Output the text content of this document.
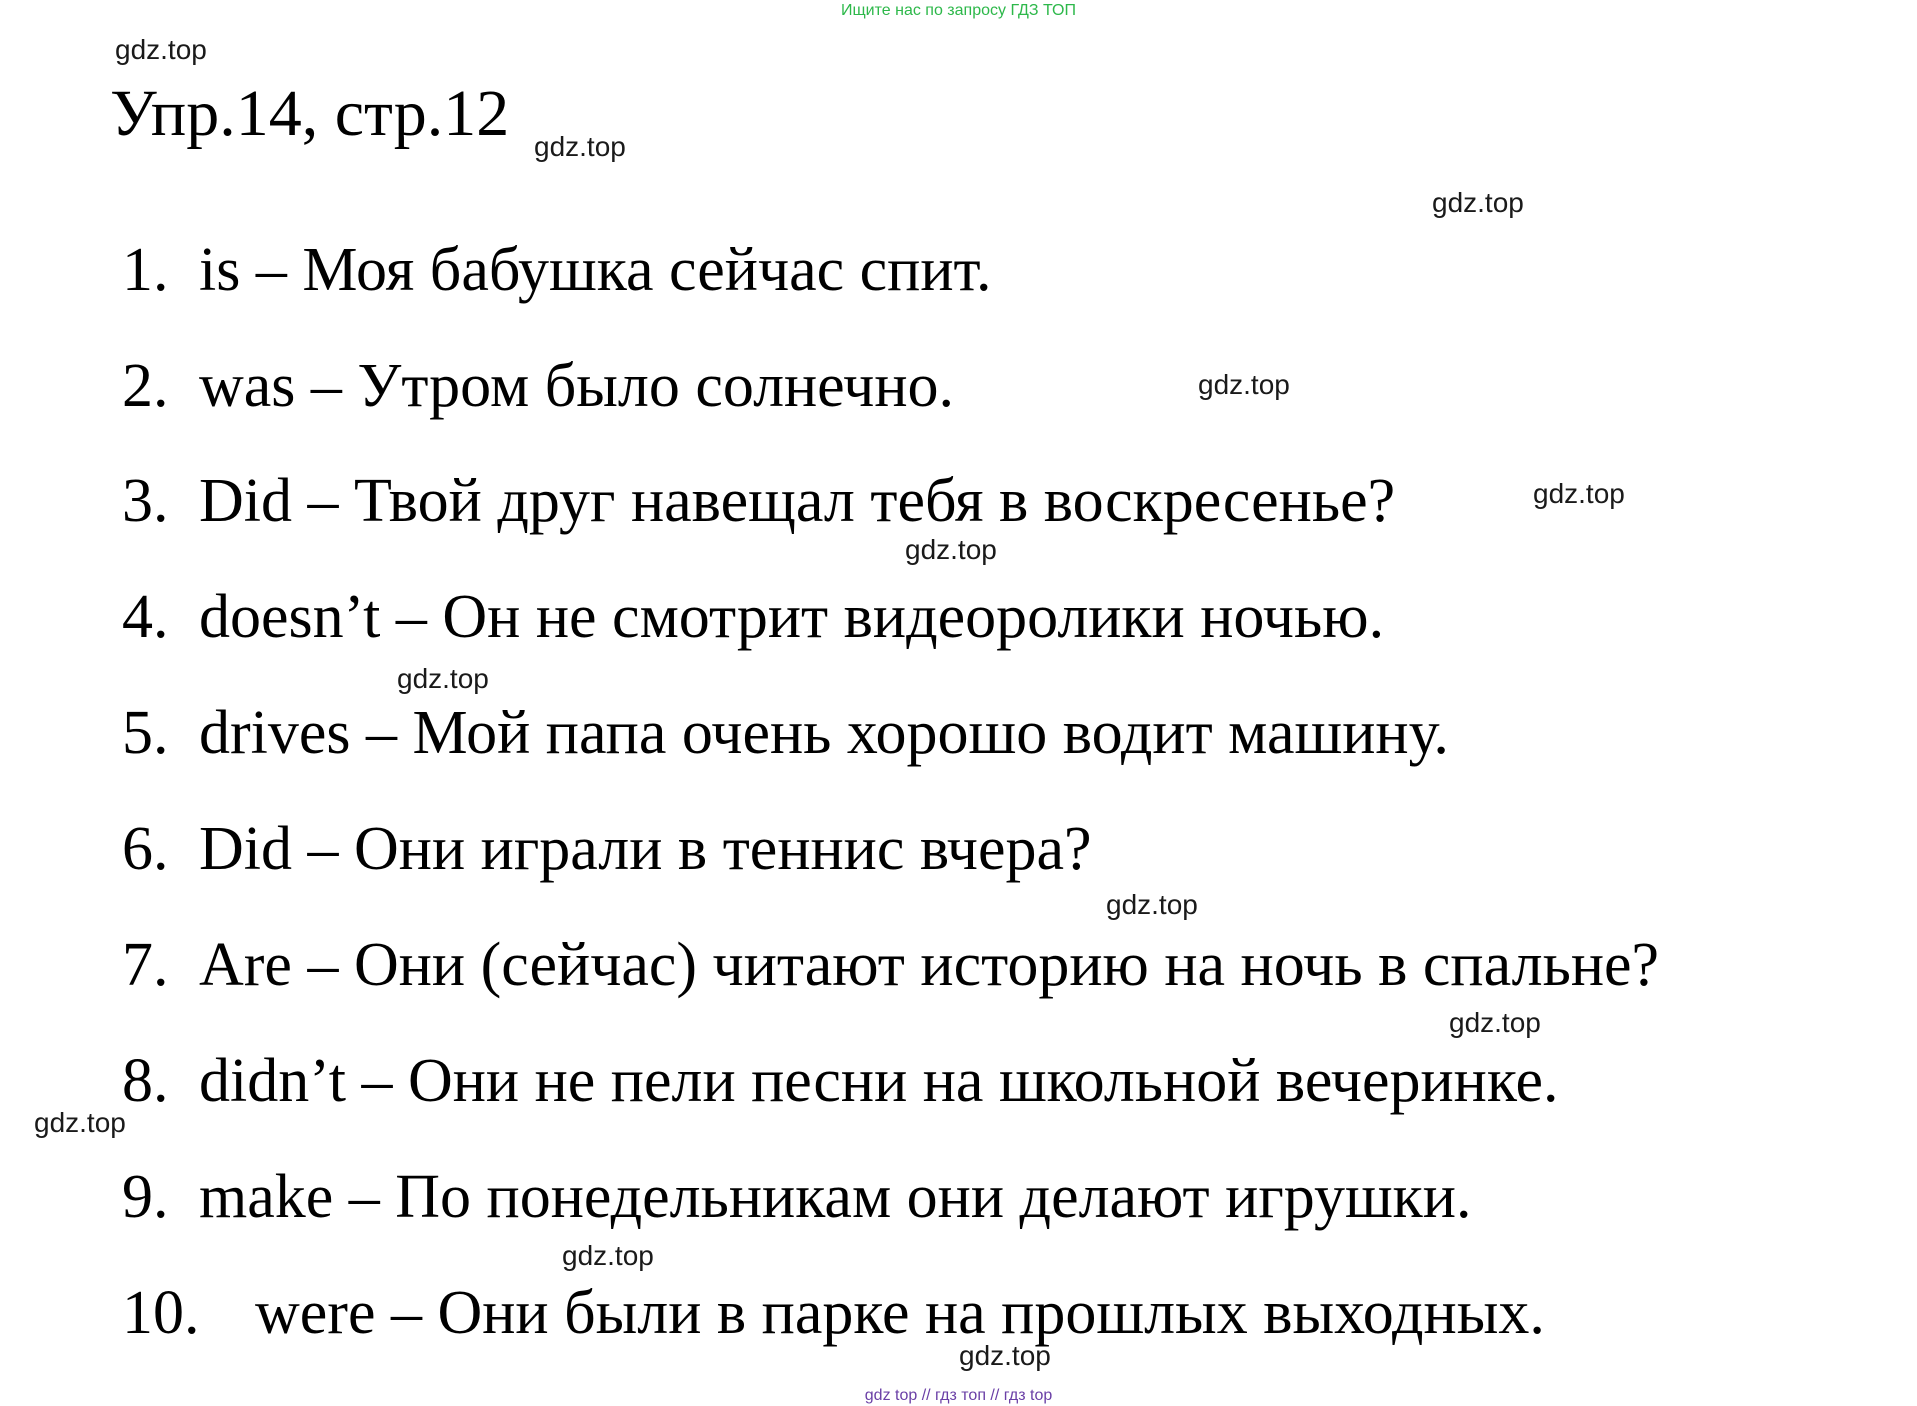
Ищите нас по запросу ГДЗ ТОП
Упр.14, стр.12
1. is – Моя бабушка сейчас спит.
2. was – Утром было солнечно.
3. Did – Твой друг навещал тебя в воскресенье?
4. doesn’t – Он не смотрит видеоролики ночью.
5. drives – Мой папа очень хорошо водит машину.
6. Did – Они играли в теннис вчера?
7. Are – Они (сейчас) читают историю на ночь в спальне?
8. didn’t – Они не пели песни на школьной вечеринке.
9. make – По понедельникам они делают игрушки.
10. were – Они были в парке на прошлых выходных.
gdz.top
gdz.top
gdz.top
gdz.top
gdz.top
gdz.top
gdz.top
gdz.top
gdz.top
gdz.top
gdz.top
gdz.top
gdz top // гдз топ // гдз top
